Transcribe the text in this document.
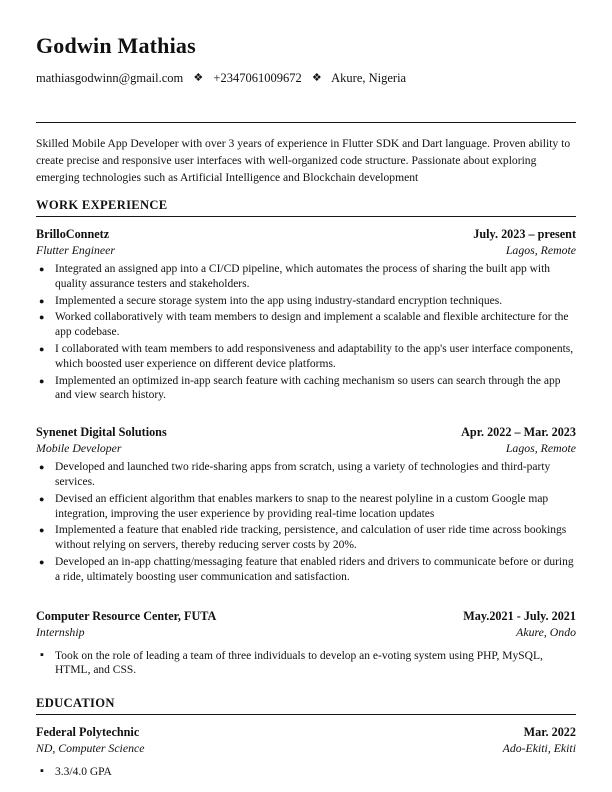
Godwin Mathias
mathiasgodwinn@gmail.com ❖ +2347061009672 ❖ Akure, Nigeria

Skilled Mobile App Developer with over 3 years of experience in Flutter SDK and Dart language. Proven ability to create precise and responsive user interfaces with well-organized code structure. Passionate about exploring emerging technologies such as Artificial Intelligence and Blockchain development

WORK EXPERIENCE
BrilloConnetz	July. 2023 – present
Flutter Engineer	Lagos, Remote
● Integrated an assigned app into a CI/CD pipeline, which automates the process of sharing the built app with quality assurance testers and stakeholders.
● Implemented a secure storage system into the app using industry-standard encryption techniques.
● Worked collaboratively with team members to design and implement a scalable and flexible architecture for the app codebase.
● I collaborated with team members to add responsiveness and adaptability to the app's user interface components, which boosted user experience on different device platforms.
● Implemented an optimized in-app search feature with caching mechanism so users can search through the app and view search history.
Synenet Digital Solutions	Apr. 2022 – Mar. 2023
Mobile Developer	Lagos, Remote
● Developed and launched two ride-sharing apps from scratch, using a variety of technologies and third-party services.
● Devised an efficient algorithm that enables markers to snap to the nearest polyline in a custom Google map integration, improving the user experience by providing real-time location updates
● Implemented a feature that enabled ride tracking, persistence, and calculation of user ride time across bookings without relying on servers, thereby reducing server costs by 20%.
● Developed an in-app chatting/messaging feature that enabled riders and drivers to communicate before or during a ride, ultimately boosting user communication and satisfaction.
Computer Resource Center, FUTA	May.2021 - July. 2021
Internship	Akure, Ondo
▪ Took on the role of leading a team of three individuals to develop an e-voting system using PHP, MySQL, HTML, and CSS.
EDUCATION
Federal Polytechnic	Mar. 2022
ND, Computer Science	Ado-Ekiti, Ekiti
▪ 3.3/4.0 GPA
